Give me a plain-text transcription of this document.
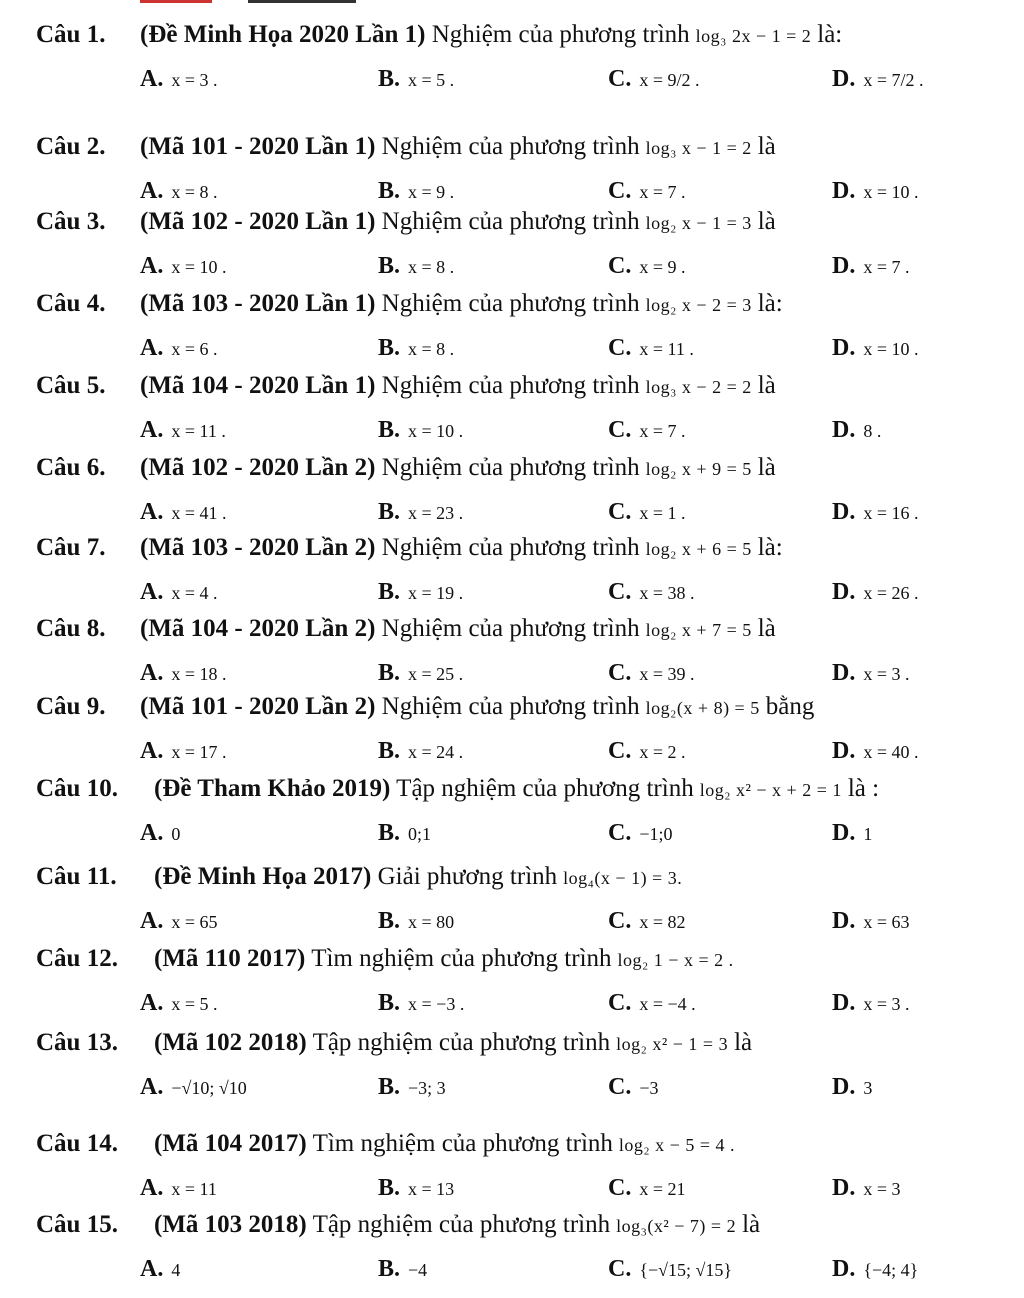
Câu 1. (Đề Minh Họa 2020 Lần 1) Nghiệm của phương trình log₃ 2x − 1 = 2 là:
A. x = 3 .	B. x = 5 .	C. x = 9/2 .	D. x = 7/2 .
Câu 2. (Mã 101 - 2020 Lần 1) Nghiệm của phương trình log₃ x − 1 = 2 là
A. x = 8 .	B. x = 9 .	C. x = 7 .	D. x = 10 .
Câu 3. (Mã 102 - 2020 Lần 1) Nghiệm của phương trình log₂ x − 1 = 3 là
A. x = 10 .	B. x = 8 .	C. x = 9 .	D. x = 7 .
Câu 4. (Mã 103 - 2020 Lần 1) Nghiệm của phương trình log₂ x − 2 = 3 là:
A. x = 6 .	B. x = 8 .	C. x = 11 .	D. x = 10 .
Câu 5. (Mã 104 - 2020 Lần 1) Nghiệm của phương trình log₃ x − 2 = 2 là
A. x = 11 .	B. x = 10 .	C. x = 7 .	D. 8 .
Câu 6. (Mã 102 - 2020 Lần 2) Nghiệm của phương trình log₂ x + 9 = 5 là
A. x = 41 .	B. x = 23 .	C. x = 1 .	D. x = 16 .
Câu 7. (Mã 103 - 2020 Lần 2) Nghiệm của phương trình log₂ x + 6 = 5 là:
A. x = 4 .	B. x = 19 .	C. x = 38 .	D. x = 26 .
Câu 8. (Mã 104 - 2020 Lần 2) Nghiệm của phương trình log₂ x + 7 = 5 là
A. x = 18 .	B. x = 25 .	C. x = 39 .	D. x = 3 .
Câu 9. (Mã 101 - 2020 Lần 2) Nghiệm của phương trình log₂(x + 8) = 5 bằng
A. x = 17 .	B. x = 24 .	C. x = 2 .	D. x = 40 .
Câu 10. (Đề Tham Khảo 2019) Tập nghiệm của phương trình log₂ x² − x + 2 = 1 là :
A. 0	B. 0;1	C. −1;0	D. 1
Câu 11. (Đề Minh Họa 2017) Giải phương trình log₄(x − 1) = 3.
A. x = 65	B. x = 80	C. x = 82	D. x = 63
Câu 12. (Mã 110 2017) Tìm nghiệm của phương trình log₂ 1 − x = 2 .
A. x = 5 .	B. x = −3 .	C. x = −4 .	D. x = 3 .
Câu 13. (Mã 102 2018) Tập nghiệm của phương trình log₂ x² − 1 = 3 là
A. −√10; √10	B. −3; 3	C. −3	D. 3
Câu 14. (Mã 104 2017) Tìm nghiệm của phương trình log₂ x − 5 = 4 .
A. x = 11	B. x = 13	C. x = 21	D. x = 3
Câu 15. (Mã 103 2018) Tập nghiệm của phương trình log₃(x² − 7) = 2 là
A. 4	B. −4	C. {−√15; √15}	D. {−4; 4}
